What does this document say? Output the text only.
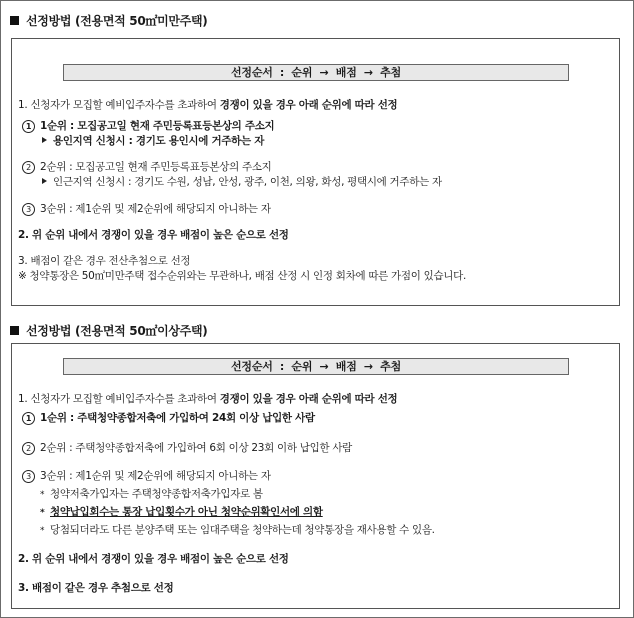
선정방법 (전용면적 50㎡미만주택)
선정순서  :  순위  →  배점  →  추첨
1. 신청자가 모집할 예비입주자수를 초과하여 경쟁이 있을 경우 아래 순위에 따라 선정
1 1순위 : 모집공고일 현재 주민등록표등본상의 주소지
용인지역 신청시 : 경기도 용인시에 거주하는 자
2 2순위 : 모집공고일 현재 주민등록표등본상의 주소지
인근지역 신청시 : 경기도 수원, 성남, 안성, 광주, 이천, 의왕, 화성, 평택시에 거주하는 자
3 3순위 : 제1순위 및 제2순위에 해당되지 아니하는 자
2. 위 순위 내에서 경쟁이 있을 경우 배점이 높은 순으로 선정
3. 배점이 같은 경우 전산추첨으로 선정
※ 청약통장은 50㎡미만주택 접수순위와는 무관하나, 배점 산정 시 인정 회차에 따른 가점이 있습니다.
선정방법 (전용면적 50㎡이상주택)
선정순서  :  순위  →  배점  →  추첨
1. 신청자가 모집할 예비입주자수를 초과하여 경쟁이 있을 경우 아래 순위에 따라 선정
1 1순위 : 주택청약종합저축에 가입하여 24회 이상 납입한 사람
2 2순위 : 주택청약종합저축에 가입하여 6회 이상 23회 이하 납입한 사람
3 3순위 : 제1순위 및 제2순위에 해당되지 아니하는 자
* 청약저축가입자는 주택청약종합저축가입자로 봄
* 청약납입회수는 통장 납입횟수가 아닌 청약순위확인서에 의함
* 당첨되더라도 다른 분양주택 또는 임대주택을 청약하는데 청약통장을 재사용할 수 있음.
2. 위 순위 내에서 경쟁이 있을 경우 배점이 높은 순으로 선정
3. 배점이 같은 경우 추첨으로 선정
